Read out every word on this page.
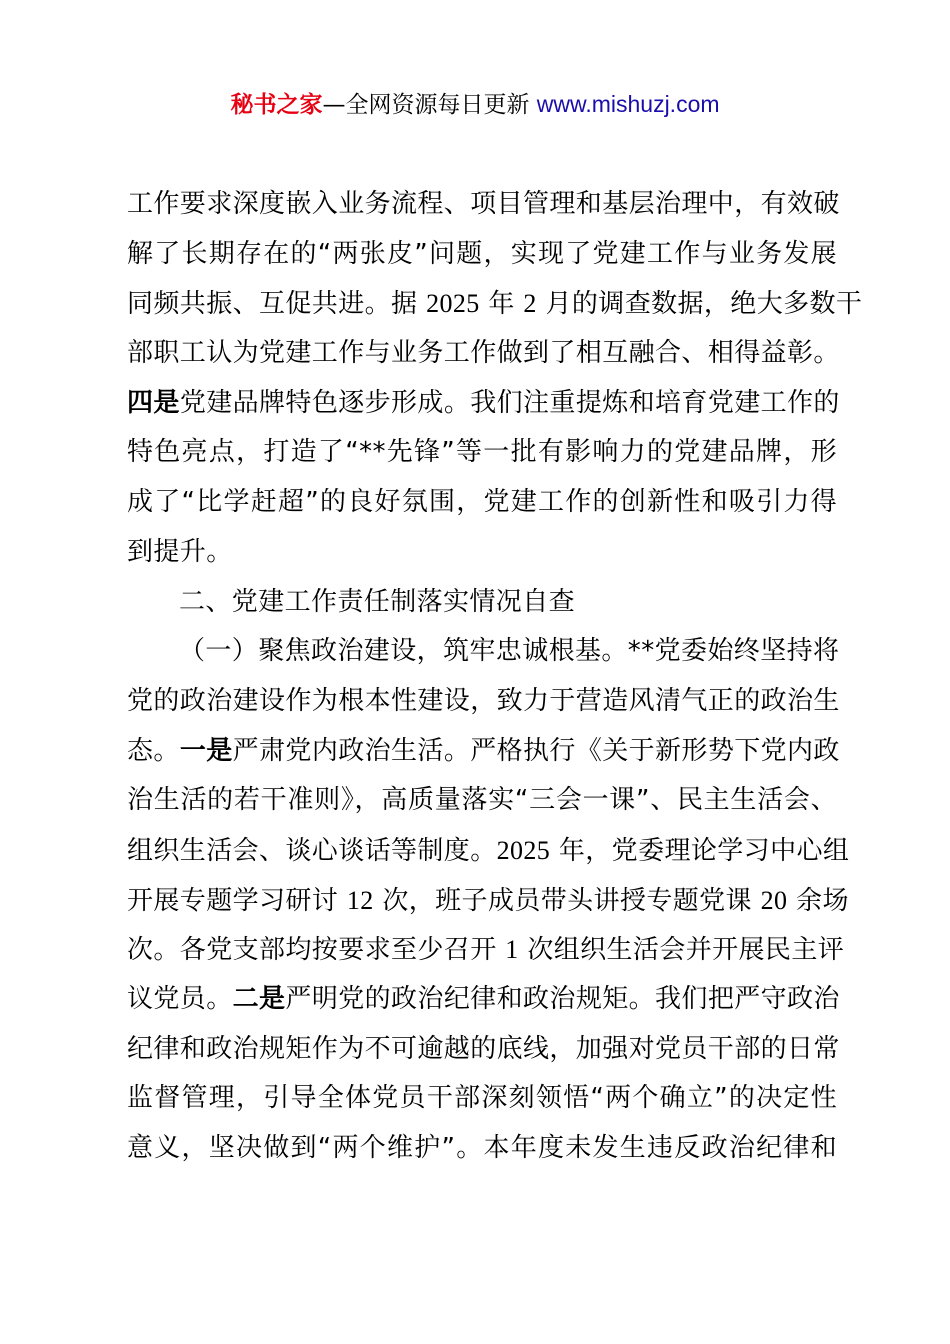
秘书之家—全网资源每日更新 www.mishuzj.com
工作要求深度嵌入业务流程、项目管理和基层治理中，有效破
解了长期存在的“两张皮”问题，实现了党建工作与业务发展
同频共振、互促共进。据 2025 年 2 月的调查数据，绝大多数干
部职工认为党建工作与业务工作做到了相互融合、相得益彰。
四是党建品牌特色逐步形成。我们注重提炼和培育党建工作的
特色亮点，打造了“**先锋”等一批有影响力的党建品牌，形
成了“比学赶超”的良好氛围，党建工作的创新性和吸引力得
到提升。
二、党建工作责任制落实情况自查
（一）聚焦政治建设，筑牢忠诚根基。**党委始终坚持将
党的政治建设作为根本性建设，致力于营造风清气正的政治生
态。一是严肃党内政治生活。严格执行《关于新形势下党内政
治生活的若干准则》，高质量落实“三会一课”、民主生活会、
组织生活会、谈心谈话等制度。2025 年，党委理论学习中心组
开展专题学习研讨 12 次，班子成员带头讲授专题党课 20 余场
次。各党支部均按要求至少召开 1 次组织生活会并开展民主评
议党员。二是严明党的政治纪律和政治规矩。我们把严守政治
纪律和政治规矩作为不可逾越的底线，加强对党员干部的日常
监督管理，引导全体党员干部深刻领悟“两个确立”的决定性
意义，坚决做到“两个维护”。本年度未发生违反政治纪律和
